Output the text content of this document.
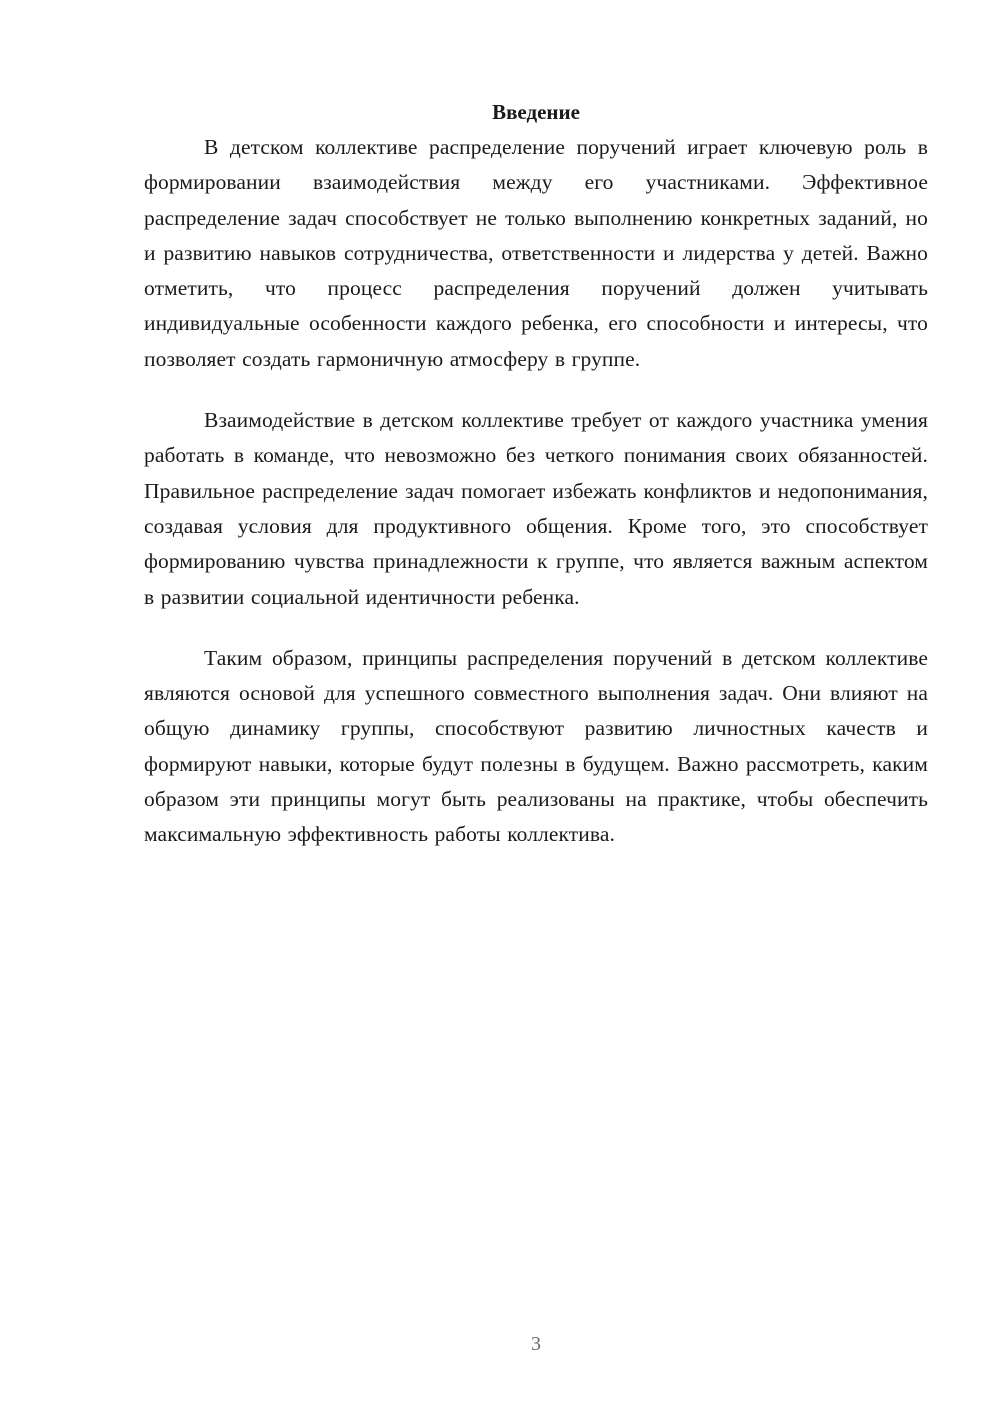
Введение

В детском коллективе распределение поручений играет ключевую роль в формировании взаимодействия между его участниками. Эффективное распределение задач способствует не только выполнению конкретных заданий, но и развитию навыков сотрудничества, ответственности и лидерства у детей. Важно отметить, что процесс распределения поручений должен учитывать индивидуальные особенности каждого ребенка, его способности и интересы, что позволяет создать гармоничную атмосферу в группе.

Взаимодействие в детском коллективе требует от каждого участника умения работать в команде, что невозможно без четкого понимания своих обязанностей. Правильное распределение задач помогает избежать конфликтов и недопонимания, создавая условия для продуктивного общения. Кроме того, это способствует формированию чувства принадлежности к группе, что является важным аспектом в развитии социальной идентичности ребенка.

Таким образом, принципы распределения поручений в детском коллективе являются основой для успешного совместного выполнения задач. Они влияют на общую динамику группы, способствуют развитию личностных качеств и формируют навыки, которые будут полезны в будущем. Важно рассмотреть, каким образом эти принципы могут быть реализованы на практике, чтобы обеспечить максимальную эффективность работы коллектива.

3
